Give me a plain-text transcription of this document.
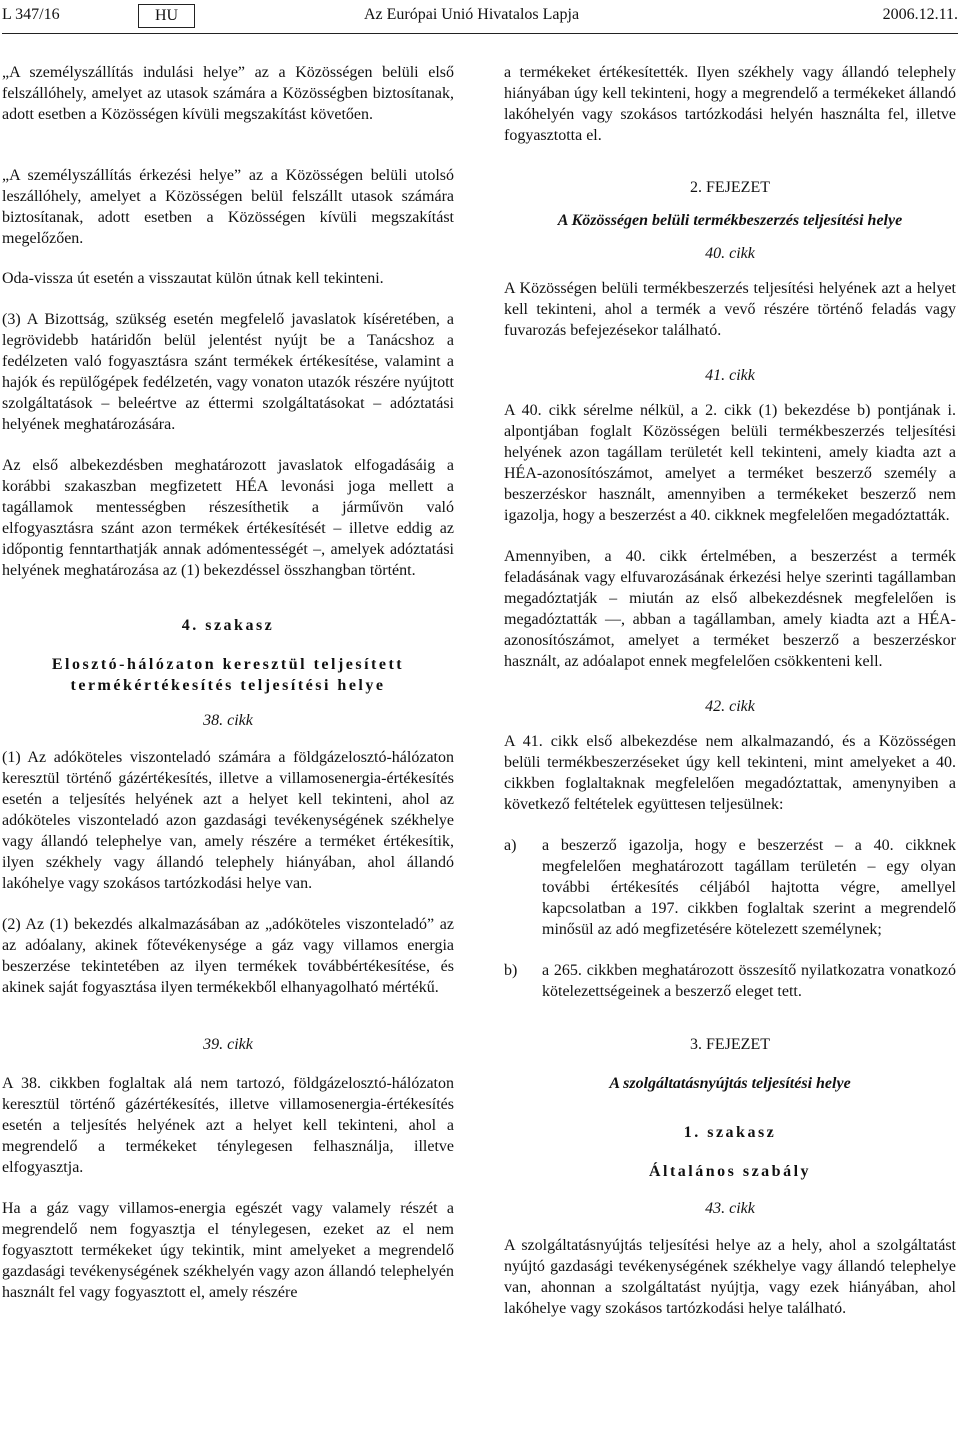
L 347/16	HU	Az Európai Unió Hivatalos Lapja	2006.12.11.

„A személyszállítás indulási helye” az a Közösségen belüli első felszállóhely, amelyet az utasok számára a Közösségben biztosítanak, adott esetben a Közösségen kívüli megszakítást követően.

„A személyszállítás érkezési helye” az a Közösségen belüli utolsó leszállóhely, amelyet a Közösségen belül felszállt utasok számára biztosítanak, adott esetben a Közösségen kívüli megszakítást megelőzően.

Oda-vissza út esetén a visszautat külön útnak kell tekinteni.

(3) A Bizottság, szükség esetén megfelelő javaslatok kíséretében, a legrövidebb határidőn belül jelentést nyújt be a Tanácshoz a fedélzeten való fogyasztásra szánt termékek értékesítése, valamint a hajók és repülőgépek fedélzetén, vagy vonaton utazók részére nyújtott szolgáltatások – beleértve az éttermi szolgáltatásokat – adóztatási helyének meghatározására.

Az első albekezdésben meghatározott javaslatok elfogadásáig a korábbi szakaszban megfizetett HÉA levonási joga mellett a tagállamok mentességben részesíthetik a járművön való elfogyasztásra szánt azon termékek értékesítését – illetve eddig az időpontig fenntarthatják annak adómentességét –, amelyek adóztatási helyének meghatározása az (1) bekezdéssel összhangban történt.

4. szakasz

Elosztó-hálózaton keresztül teljesített termékértékesítés teljesítési helye

38. cikk

(1) Az adóköteles viszonteladó számára a földgázelosztó-hálózaton keresztül történő gázértékesítés, illetve a villamosenergia-értékesítés esetén a teljesítés helyének azt a helyet kell tekinteni, ahol az adóköteles viszonteladó azon gazdasági tevékenységének székhelye vagy állandó telephelye van, amely részére a terméket értékesítik, ilyen székhely vagy állandó telephely hiányában, ahol állandó lakóhelye vagy szokásos tartózkodási helye van.

(2) Az (1) bekezdés alkalmazásában az „adóköteles viszonteladó” az az adóalany, akinek főtevékenysége a gáz vagy villamos energia beszerzése tekintetében az ilyen termékek továbbértékesítése, és akinek saját fogyasztása ilyen termékekből elhanyagolható mértékű.

39. cikk

A 38. cikkben foglaltak alá nem tartozó, földgázelosztó-hálózaton keresztül történő gázértékesítés, illetve villamosenergia-értékesítés esetén a teljesítés helyének azt a helyet kell tekinteni, ahol a megrendelő a termékeket ténylegesen felhasználja, illetve elfogyasztja.

Ha a gáz vagy villamos-energia egészét vagy valamely részét a megrendelő nem fogyasztja el ténylegesen, ezeket az el nem fogyasztott termékeket úgy tekintik, mint amelyeket a megrendelő gazdasági tevékenységének székhelyén vagy azon állandó telephelyén használt fel vagy fogyasztott el, amely részére

a termékeket értékesítették. Ilyen székhely vagy állandó telephely hiányában úgy kell tekinteni, hogy a megrendelő a termékeket állandó lakóhelyén vagy szokásos tartózkodási helyén használta fel, illetve fogyasztotta el.

2. FEJEZET

A Közösségen belüli termékbeszerzés teljesítési helye

40. cikk

A Közösségen belüli termékbeszerzés teljesítési helyének azt a helyet kell tekinteni, ahol a termék a vevő részére történő feladás vagy fuvarozás befejezésekor található.

41. cikk

A 40. cikk sérelme nélkül, a 2. cikk (1) bekezdése b) pontjának i. alpontjában foglalt Közösségen belüli termékbeszerzés teljesítési helyének azon tagállam területét kell tekinteni, amely kiadta azt a HÉA-azonosítószámot, amelyet a terméket beszerző személy a beszerzéskor használt, amennyiben a termékeket beszerző nem igazolja, hogy a beszerzést a 40. cikknek megfelelően megadóztatták.

Amennyiben, a 40. cikk értelmében, a beszerzést a termék feladásának vagy elfuvarozásának érkezési helye szerinti tagállamban megadóztatják – miután az első albekezdésnek megfelelően is megadóztatták —, abban a tagállamban, amely kiadta azt a HÉA-azonosítószámot, amelyet a terméket beszerző a beszerzéskor használt, az adóalapot ennek megfelelően csökkenteni kell.

42. cikk

A 41. cikk első albekezdése nem alkalmazandó, és a Közösségen belüli termékbeszerzéseket úgy kell tekinteni, mint amelyeket a 40. cikkben foglaltaknak megfelelően megadóztattak, amenynyiben a következő feltételek együttesen teljesülnek:

a)	a beszerző igazolja, hogy e beszerzést – a 40. cikknek megfelelően meghatározott tagállam területén – egy olyan további értékesítés céljából hajtotta végre, amellyel kapcsolatban a 197. cikkben foglaltak szerint a megrendelő minősül az adó megfizetésére kötelezett személynek;
b)	a 265. cikkben meghatározott összesítő nyilatkozatra vonatkozó kötelezettségeinek a beszerző eleget tett.

3. FEJEZET

A szolgáltatásnyújtás teljesítési helye

1. szakasz

Általános szabály

43. cikk

A szolgáltatásnyújtás teljesítési helye az a hely, ahol a szolgáltatást nyújtó gazdasági tevékenységének székhelye vagy állandó telephelye van, ahonnan a szolgáltatást nyújtja, vagy ezek hiányában, ahol lakóhelye vagy szokásos tartózkodási helye található.
